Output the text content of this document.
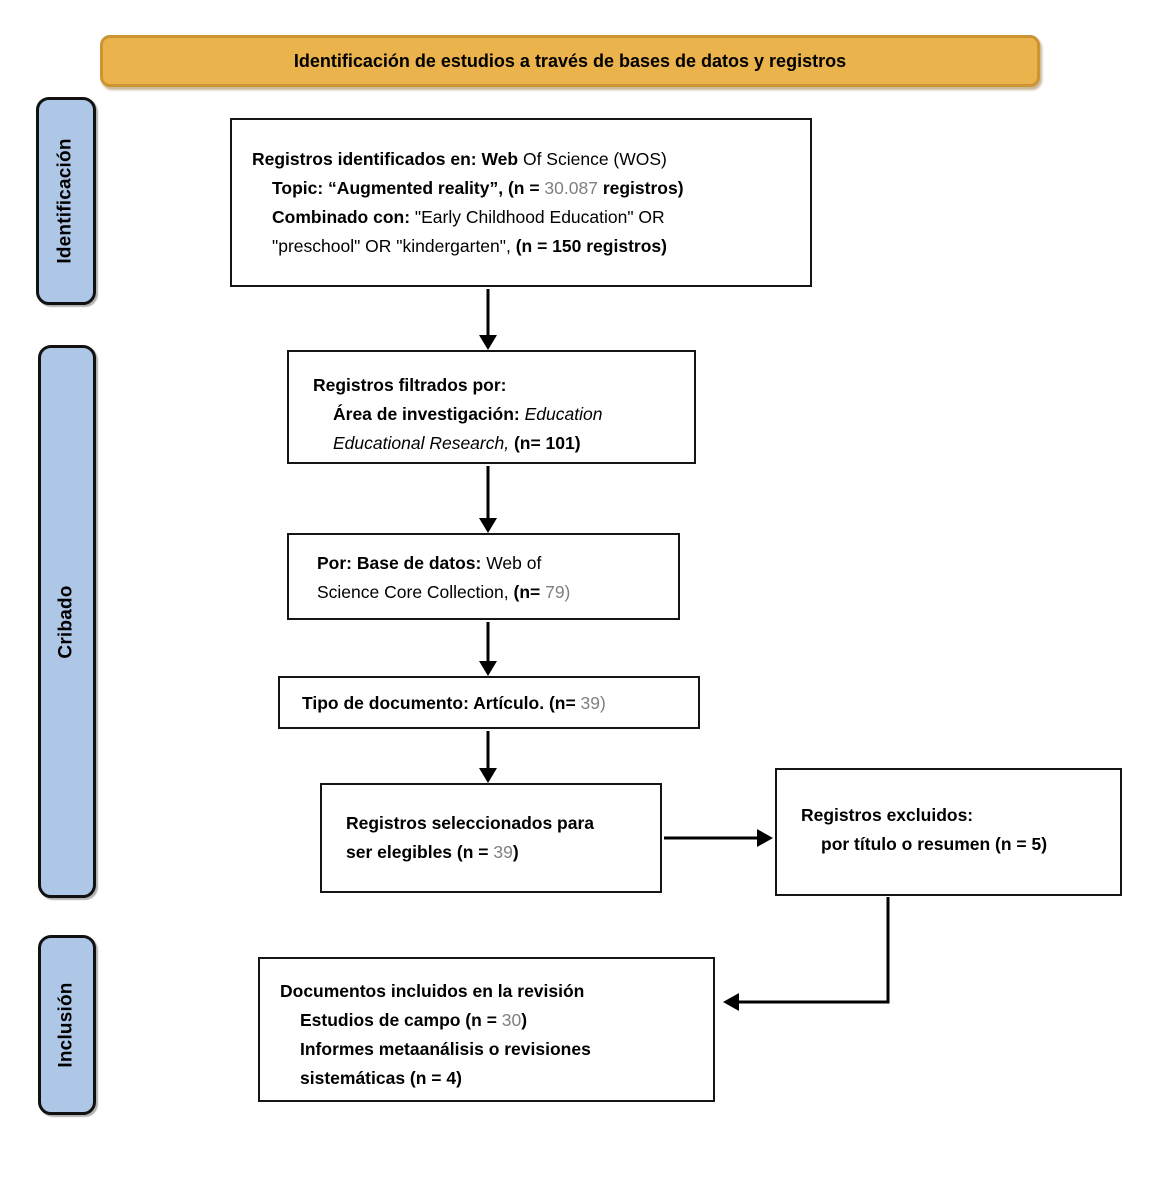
Identificación de estudios a través de bases de datos y registros
Identificación
Cribado
Inclusión
Registros identificados en: Web Of Science (WOS)
Topic: “Augmented reality”, (n = 30.087 registros)
Combinado con: "Early Childhood Education" OR
"preschool" OR "kindergarten", (n = 150 registros)
Registros filtrados por:
Área de investigación: Education
Educational Research, (n= 101)
Por: Base de datos: Web of
Science Core Collection, (n= 79)
Tipo de documento: Artículo. (n= 39)
Registros seleccionados para
ser elegibles (n = 39)
Registros excluidos:
por título o resumen (n = 5)
Documentos incluidos en la revisión
Estudios de campo (n = 30)
Informes metaanálisis o revisiones
sistemáticas (n = 4)
